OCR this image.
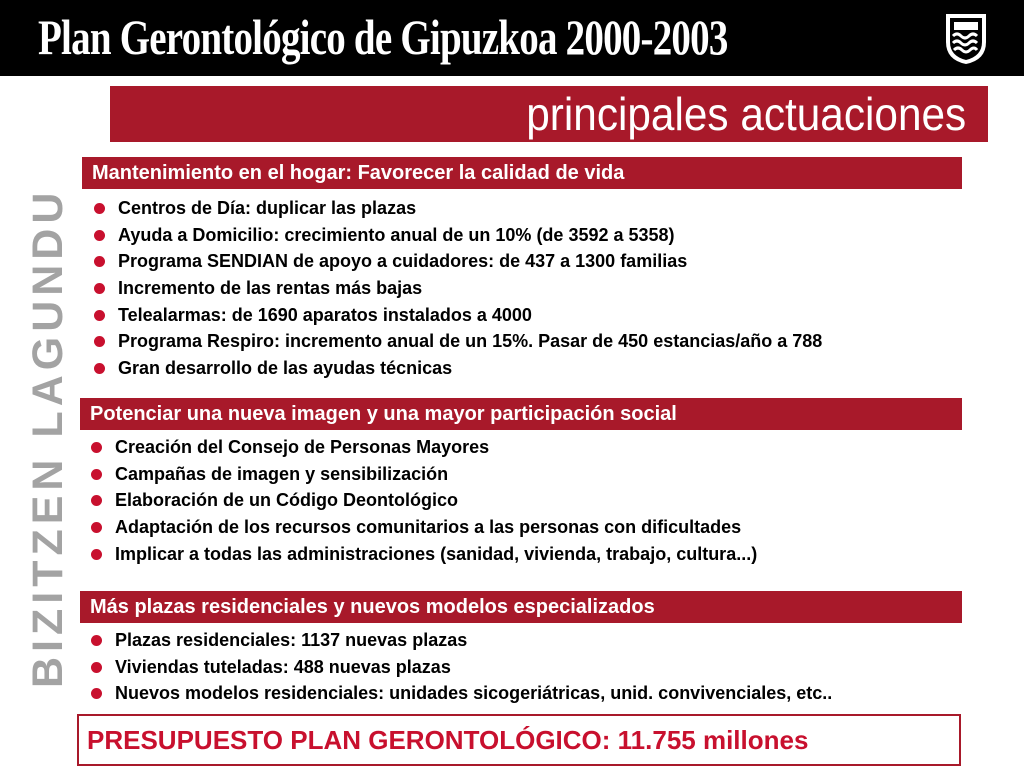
Plan Gerontológico de Gipuzkoa 2000-2003
principales actuaciones
BIZITZEN LAGUNDU
Mantenimiento en el hogar: Favorecer la calidad de vida
Centros de Día: duplicar las plazas
Ayuda a Domicilio: crecimiento anual de un 10% (de 3592 a 5358)
Programa SENDIAN de apoyo a cuidadores: de 437 a 1300 familias
Incremento de las rentas más bajas
Telealarmas: de 1690 aparatos instalados a 4000
Programa Respiro: incremento anual de un 15%. Pasar de 450 estancias/año a 788
Gran desarrollo de las ayudas técnicas
Potenciar una nueva imagen y una mayor participación social
Creación del Consejo de Personas Mayores
Campañas de imagen y sensibilización
Elaboración de un Código Deontológico
Adaptación de los recursos comunitarios a las personas con dificultades
Implicar a todas las administraciones (sanidad, vivienda, trabajo, cultura...)
Más plazas residenciales y nuevos modelos especializados
Plazas residenciales: 1137 nuevas plazas
Viviendas tuteladas: 488 nuevas plazas
Nuevos modelos residenciales: unidades sicogeriátricas, unid. convivenciales, etc..
PRESUPUESTO PLAN GERONTOLÓGICO: 11.755 millones
